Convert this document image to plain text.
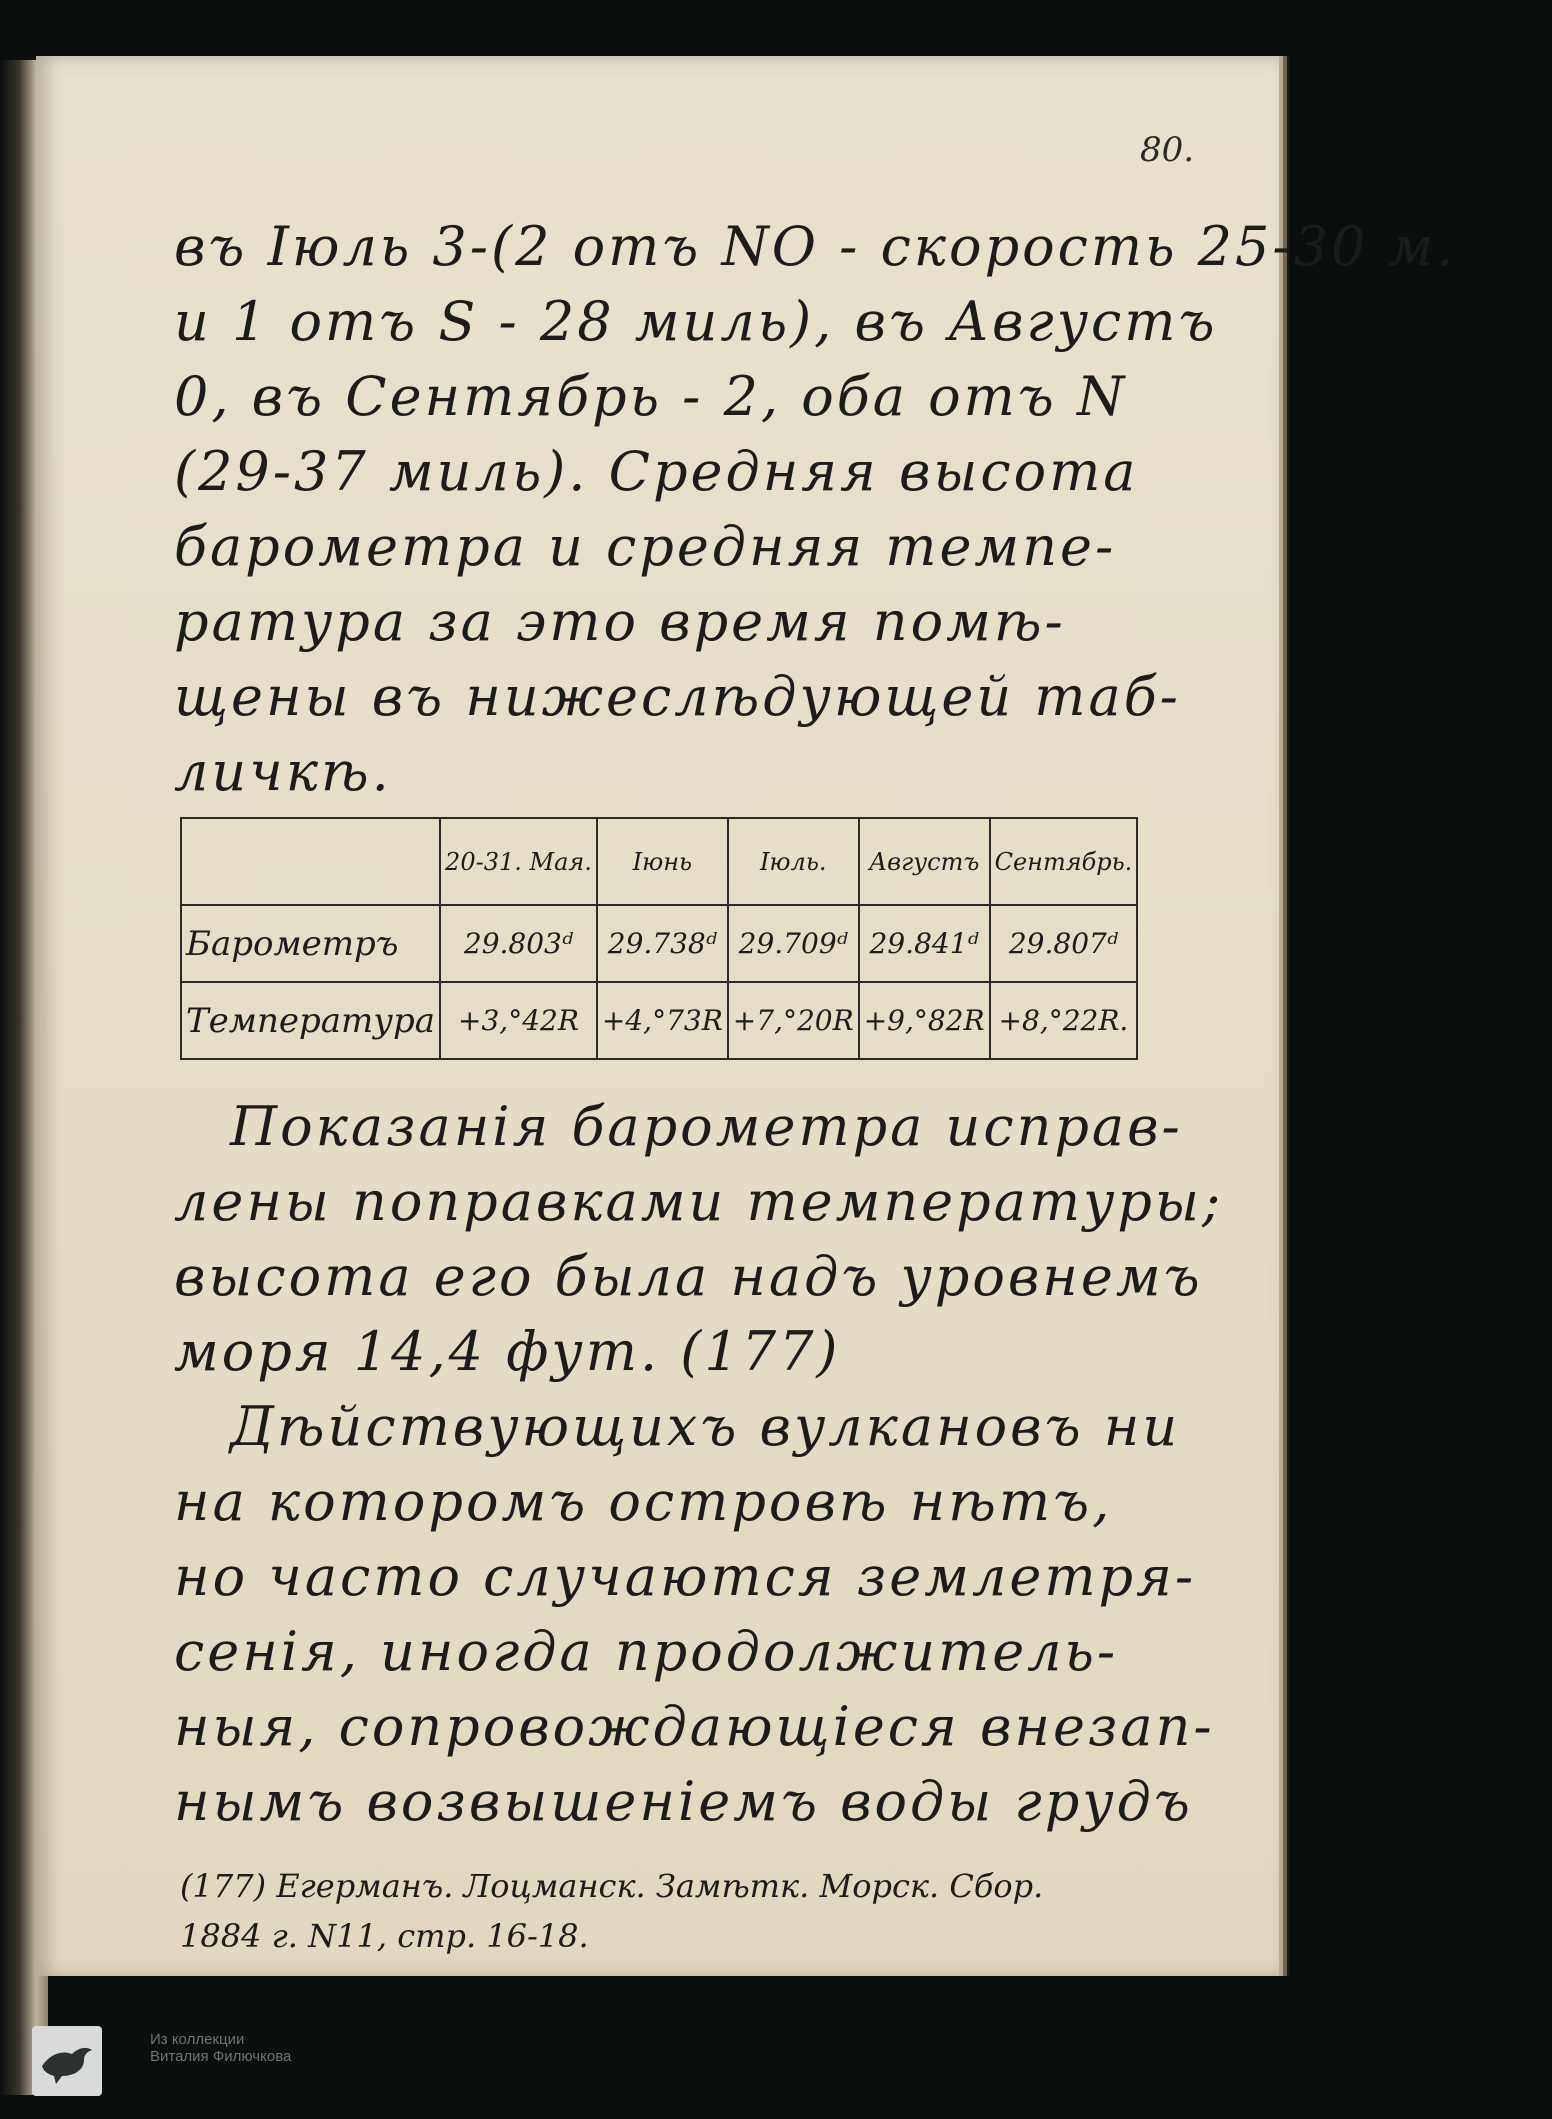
80.
въ Іюль 3-(2 отъ NO - скорость 25-30 м.
и 1 отъ S - 28 миль), въ Августъ
0, въ Сентябрь - 2, оба отъ N
(29-37 миль). Средняя высота
барометра и средняя темпе-
ратура за это время помѣ-
щены въ нижеслѣдующей таб-
личкѣ.
	20-31. Мая.	Іюнь	Іюль.	Августъ	Сентябрь.
Барометръ	29.803ᵈ	29.738ᵈ	29.709ᵈ	29.841ᵈ	29.807ᵈ
Температура	+3,°42R	+4,°73R	+7,°20R	+9,°82R	+8,°22R.
Показанія барометра исправ-
лены поправками температуры;
высота его была надъ уровнемъ
моря 14,4 фут. (177)
Дѣйствующихъ вулкановъ ни
на которомъ островѣ нѣтъ,
но часто случаются землетря-
сенія, иногда продолжитель-
ныя, сопровождающіеся внезап-
нымъ возвышеніемъ воды грудъ
(177) Егерманъ. Лоцманск. Замѣтк. Морск. Сбор.
1884 г. N11, стр. 16-18.
Из коллекции
Виталия Филючкова
